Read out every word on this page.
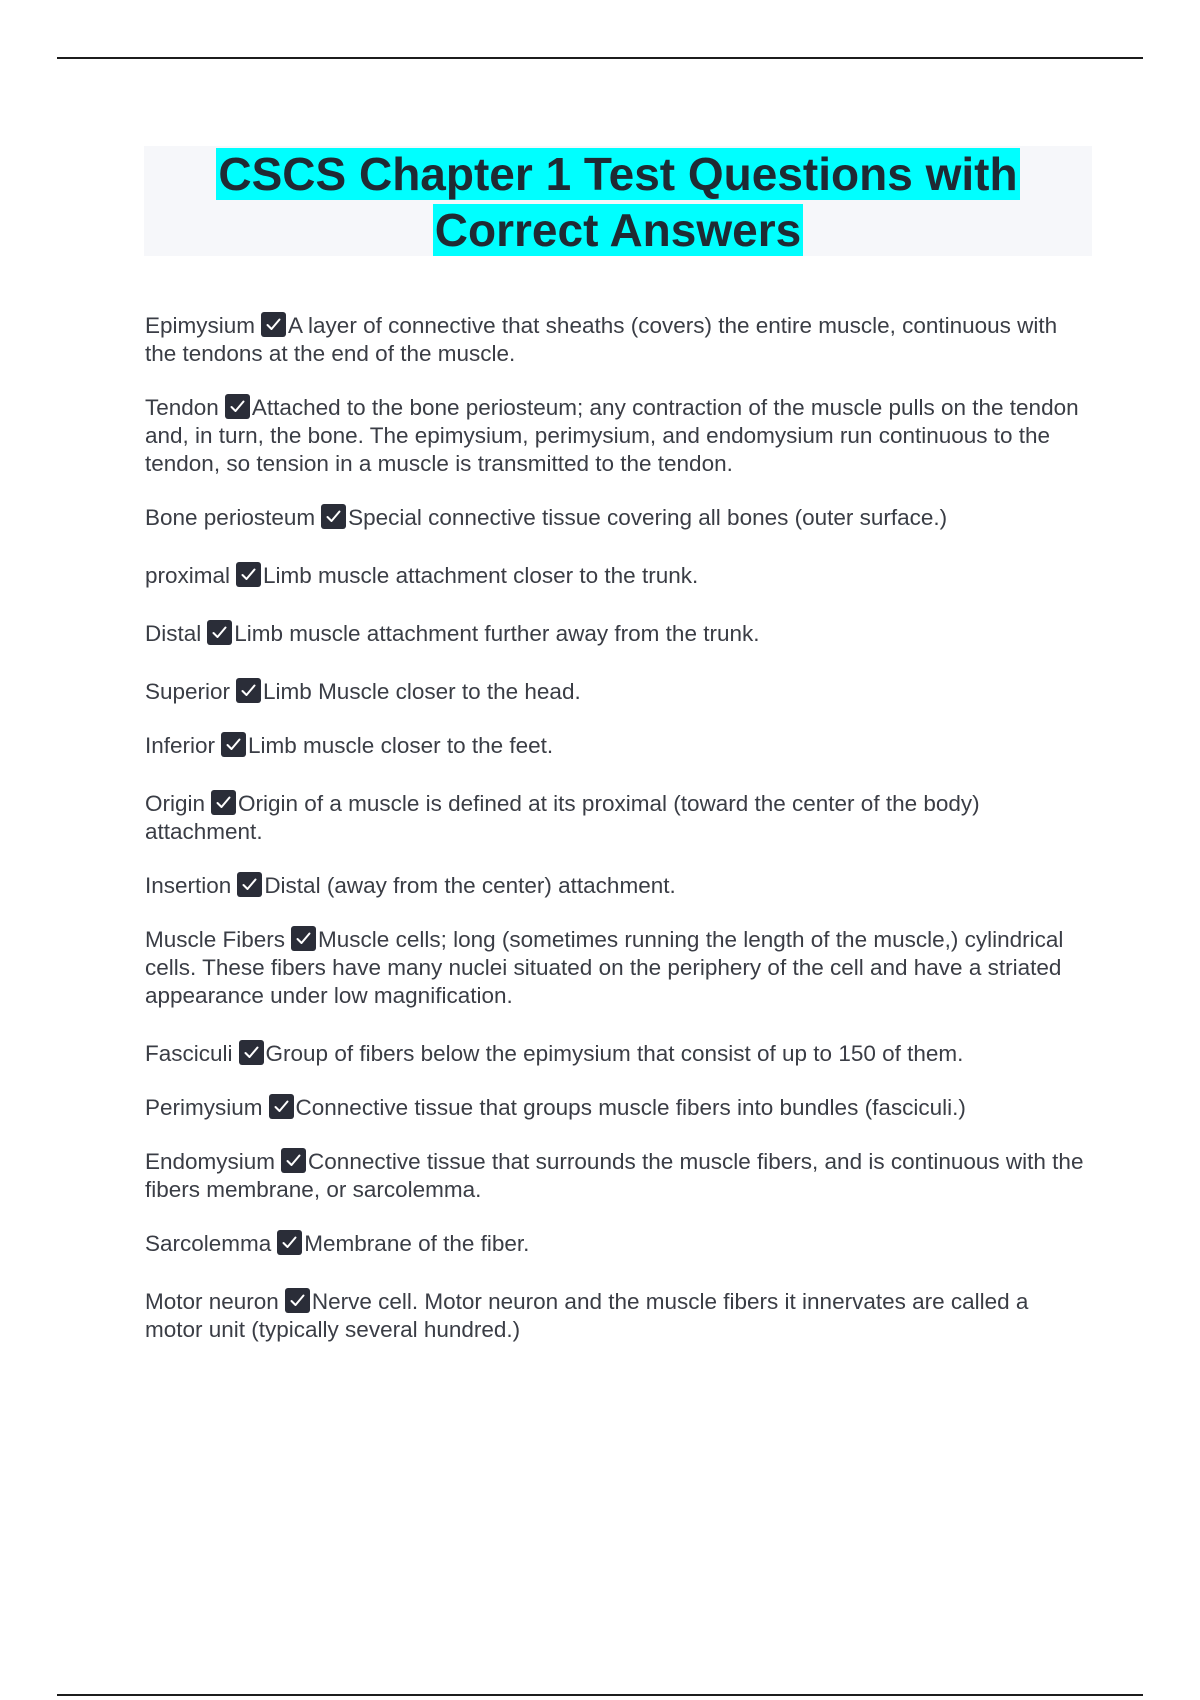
CSCS Chapter 1 Test Questions with
Correct Answers

Epimysium A layer of connective that sheaths (covers) the entire muscle, continuous with the tendons at the end of the muscle.

Tendon Attached to the bone periosteum; any contraction of the muscle pulls on the tendon and, in turn, the bone. The epimysium, perimysium, and endomysium run continuous to the tendon, so tension in a muscle is transmitted to the tendon.

Bone periosteum Special connective tissue covering all bones (outer surface.)

proximal Limb muscle attachment closer to the trunk.

Distal Limb muscle attachment further away from the trunk.

Superior Limb Muscle closer to the head.

Inferior Limb muscle closer to the feet.

Origin Origin of a muscle is defined at its proximal (toward the center of the body) attachment.

Insertion Distal (away from the center) attachment.

Muscle Fibers Muscle cells; long (sometimes running the length of the muscle,) cylindrical cells. These fibers have many nuclei situated on the periphery of the cell and have a striated appearance under low magnification.

Fasciculi Group of fibers below the epimysium that consist of up to 150 of them.

Perimysium Connective tissue that groups muscle fibers into bundles (fasciculi.)

Endomysium Connective tissue that surrounds the muscle fibers, and is continuous with the fibers membrane, or sarcolemma.

Sarcolemma Membrane of the fiber.

Motor neuron Nerve cell. Motor neuron and the muscle fibers it innervates are called a motor unit (typically several hundred.)
